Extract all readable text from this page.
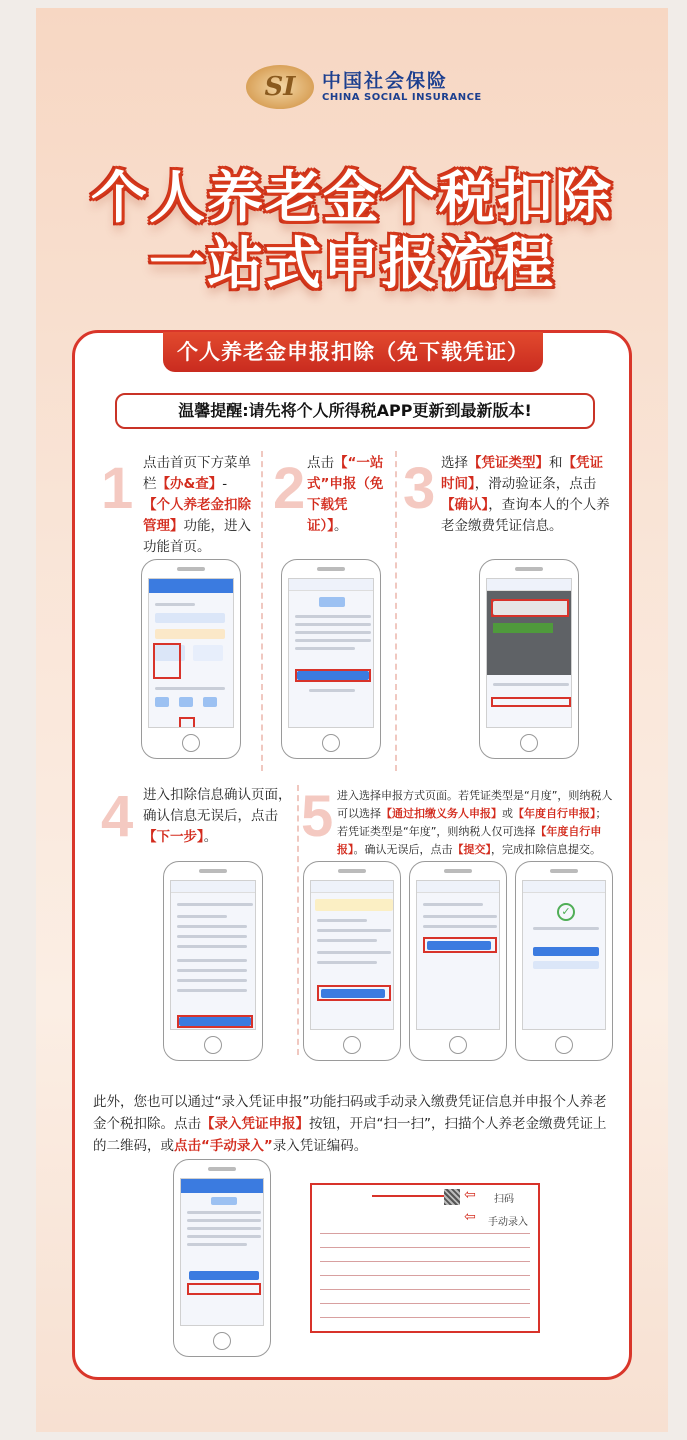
SI	中国社会保险
CHINA SOCIAL INSURANCE
个人养老金个税扣除
一站式申报流程
个人养老金申报扣除（免下载凭证）
温馨提醒:请先将个人所得税APP更新到最新版本!
1 2 3
4	5
点击首页下方菜单栏【办&查】-【个人养老金扣除管理】功能，进入功能首页。
点击【“一站式”申报（免下载凭证）】。
选择【凭证类型】和【凭证时间】，滑动验证条，点击【确认】，查询本人的个人养老金缴费凭证信息。
进入扣除信息确认页面，确认信息无误后，点击【下一步】。
进入选择申报方式页面。若凭证类型是“月度”，则纳税人可以选择【通过扣缴义务人申报】或【年度自行申报】；若凭证类型是“年度”，则纳税人仅可选择【年度自行申报】。确认无误后，点击【提交】，完成扣除信息提交。
✓
此外，您也可以通过“录入凭证申报”功能扫码或手动录入缴费凭证信息并申报个人养老金个税扣除。点击【录入凭证申报】按钮，开启“扫一扫”，扫描个人养老金缴费凭证上的二维码，或点击“手动录入”录入凭证编码。
⇦ 扫码
⇦ 手动录入
